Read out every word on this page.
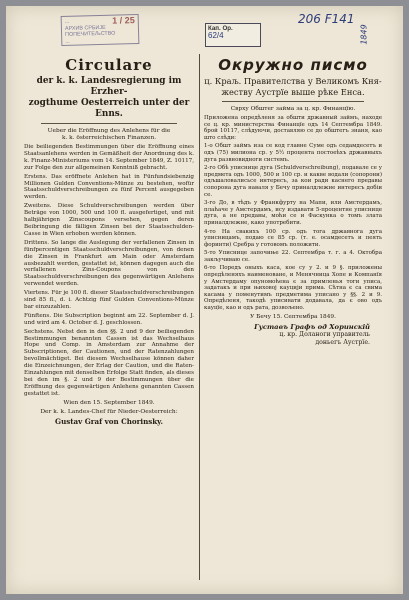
...
АРХИВ СРБИЈЕ
ПОПЕЧИТЕЉСТВО
...
1 / 25
Кап. Ор.
62/4
206 F141
1849
Circulare
der k. k. Landesregierung im Erzher-
zogthume Oesterreich unter der Enns.
Ueber die Eröffnung des Anlehens für die
k. k. österreichischen Finanzen.

Die beiliegenden Bestimmungen über die Eröffnung eines Staatsanlehens werden in Gemäßheit der Anordnung des k. k. Finanz-Ministeriums vom 14. September 1849, Z. 10117, zur Folge den zur allgemeinen Kenntniß gebracht.

Erstens. Das eröffnete Anlehen hat in Fünfundsiebenzig Millionen Gulden Conventions-Münze zu bestehen, wofür Staatsschuldverschreibungen zu fünf Percent ausgegeben werden.

Zweitens. Diese Schuldverschreibungen werden über Beträge von 1000, 500 und 100 fl. ausgefertiget, und mit halbjährigen Zinscoupons versehen, gegen deren Beibringung die fälligen Zinsen bei der Staatsschulden-Casse in Wien erhoben werden können.

Drittens. So lange die Auslegung der verfallenen Zinsen in fünfpercentigen Staatsschuldverschreibungen, von denen die Zinsen in Frankfurt am Main oder Amsterdam ausbezahlt werden, gestattet ist, können dagegen auch die verfallenen Zins-Coupons von den Staatsschuldverschreibungen des gegenwärtigen Anlehens verwendet werden.

Viertens. Für je 100 fl. dieser Staatsschuldverschreibungen sind 85 fl., d. i. Achtzig fünf Gulden Conventions-Münze bar einzuzahlen.

Fünftens. Die Subscription beginnt am 22. September d. J. und wird am 4. October d. J. geschlossen.

Sechstens. Nebst den in den §§. 2 und 9 der beiliegenden Bestimmungen benannten Cassen ist das Wechselhaus Hope und Comp. in Amsterdam zur Annahme der Subscriptionen, der Cautionen, und der Ratenzahlungen bevollmächtiget. Bei diesem Wechselhause können daher die Einzeichnungen, der Erlag der Caution, und die Raten-Einzahlungen mit denselben Erfolge Statt finden, als dieses bei den im §. 2 und 9 der Bestimmungen über die Eröffnung des gegenwärtigen Anlehens genannten Cassen gestattet ist.

Wien den 15. September 1849.
Der k. k. Landes-Chef für Nieder-Oesterreich:
Gustav Graf von Chorinsky.
Окружно писмо
ц. Краљ. Правителства у Великомъ Кня-
жеству Аустрїе выше рѣке Енса.
Сврху Обштег займа за ц. кр. Финанцїю.

Приложена опредѣленя за обшти државный займъ, находе се ц. кр. министерства Финанцїе одъ 14 Септембра 1849. брой 10117, слѣдуючи, доставляю се до обштегъ знаня, као што слѣди:

1-о Обшт займъ иза се код главне Суме одъ седамдесетъ и одъ (75) милиона ср. у 5½ процента постоеѣхъ државныхъ дуга развновидноги системъ.

2-го Обѣ уписнице дуга (Schuldverschreibung), подавале се у предмета одъ 1000, 500 и 100 ср. и какве водали (сопорони) одљшаловалисьсе интересъ, за кои ради каснего предавы сопорона дуга наваля у Бечу приналдлежне интересъ добіи се.

3-го До, в тѣдъ у Франкфурту на Мапи, или Амстердамъ, плаћаче у Амстердамъ, ису издавати 5-процентне уписнице дуга, а не предавы, моћи се и Фаскунка о томъ злата приналдлежне, како употребити.

4-то На свакихъ 100 ср. одъ тога државнога дуга уписницамъ, подаю се 85 ср. (т. е. осамдесетъ и пеять форинти) Сребра у готовомъ положити.

5-то Уписнице започиње 22. Септембра т. г. а 4. Октобра закључиваю се.

6-то Поредъ оныхъ каса, кое су у 2. и 9 §. приложены опредѣленяхъ наименоване, и Менячница Хопе и Компанїя у Амстердаму опуномоћена є за примленья тоги уписа, задатакъ и при њиховој кауцији прима. Сѣтна є са свима касама у поменутимъ предметима уписано у §§. 2 и 9. Опредѣленя, такодѣ уписивати додавала, да є ово одъ кауцїе, као и одъ рата, дозвољено.

У Бечу 15. Септембра 1849.
Густавъ Графъ од Хоринскій
ц. кр. Доланоги управитель
доньегъ Аустрїе.
